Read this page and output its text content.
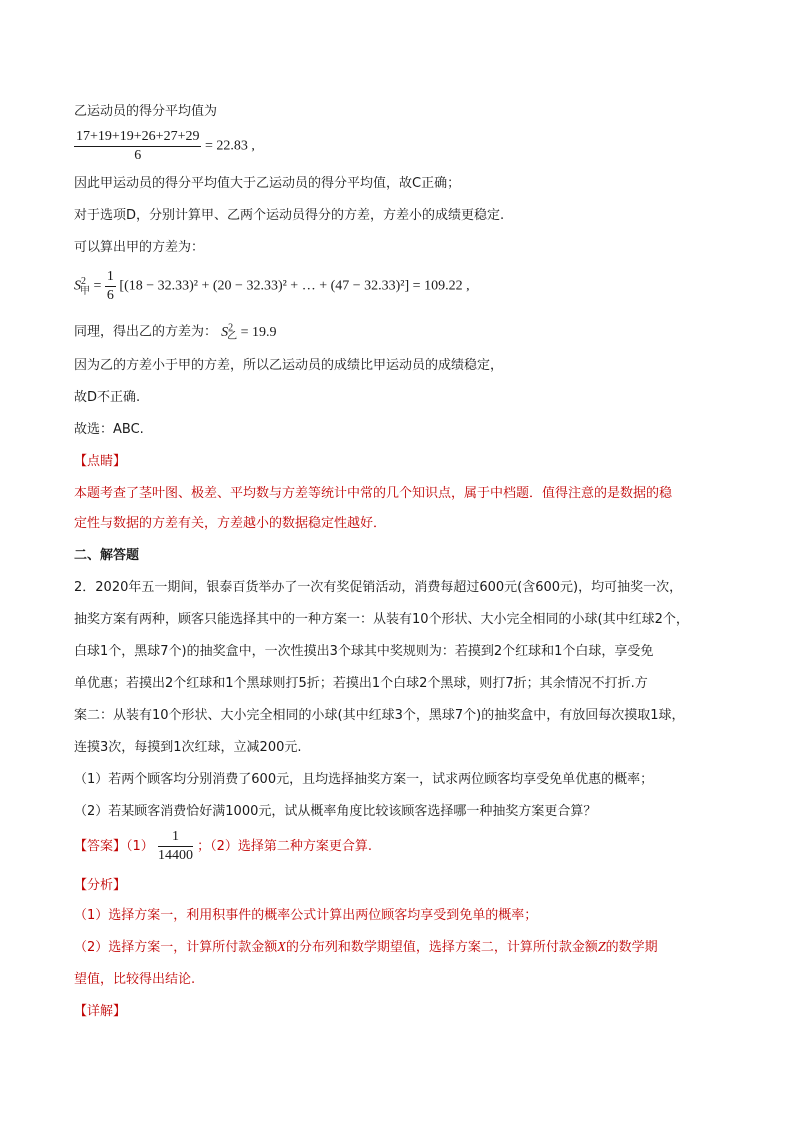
乙运动员的得分平均值为
$\frac{17+19+19+26+27+29}{6} = 22.83$ ,
因此甲运动员的得分平均值大于乙运动员的得分平均值，故C正确；
对于选项D，分别计算甲、乙两个运动员得分的方差，方差小的成绩更稳定.
可以算出甲的方差为：
$S^2_甲 = \frac{1}{6} [(18 - 32.33)^2 + (20 - 32.33)^2$ + … + (47 − 32.33)²] = 109.22 ,
同理，得出乙的方差为： $S^2_乙 = 19.9$
因为乙的方差小于甲的方差，所以乙运动员的成绩比甲运动员的成绩稳定，
故D不正确.
故选：ABC.
【点睛】
本题考查了茎叶图、极差、平均数与方差等统计中常的几个知识点，属于中档题．值得注意的是数据的稳
定性与数据的方差有关，方差越小的数据稳定性越好．
二、解答题
2．2020年五一期间，银泰百货举办了一次有奖促销活动，消费每超过600元(含600元)，均可抽奖一次，
抽奖方案有两种，顾客只能选择其中的一种方案一：从装有10个形状、大小完全相同的小球(其中红球2个，
白球1个，黑球7个)的抽奖盒中，一次性摸出3个球其中奖规则为：若摸到2个红球和1个白球，享受免
单优惠；若摸出2个红球和1个黑球则打5折；若摸出1个白球2个黑球，则打7折；其余情况不打折.方
案二：从装有10个形状、大小完全相同的小球(其中红球3个，黑球7个)的抽奖盒中，有放回每次摸取1球，
连摸3次，每摸到1次红球，立减200元.
（1）若两个顾客均分别消费了600元，且均选择抽奖方案一，试求两位顾客均享受免单优惠的概率；
（2）若某顾客消费恰好满1000元，试从概率角度比较该顾客选择哪一种抽奖方案更合算？
【答案】$(1) \frac{1}{14400}$ ；（2）选择第二种方案更合算.
【分析】
（1）选择方案一，利用积事件的概率公式计算出两位顾客均享受到免单的概率；
（2）选择方案一，计算所付款金额X的分布列和数学期望值，选择方案二，计算所付款金额Z的数学期
望值，比较得出结论.
【详解】
